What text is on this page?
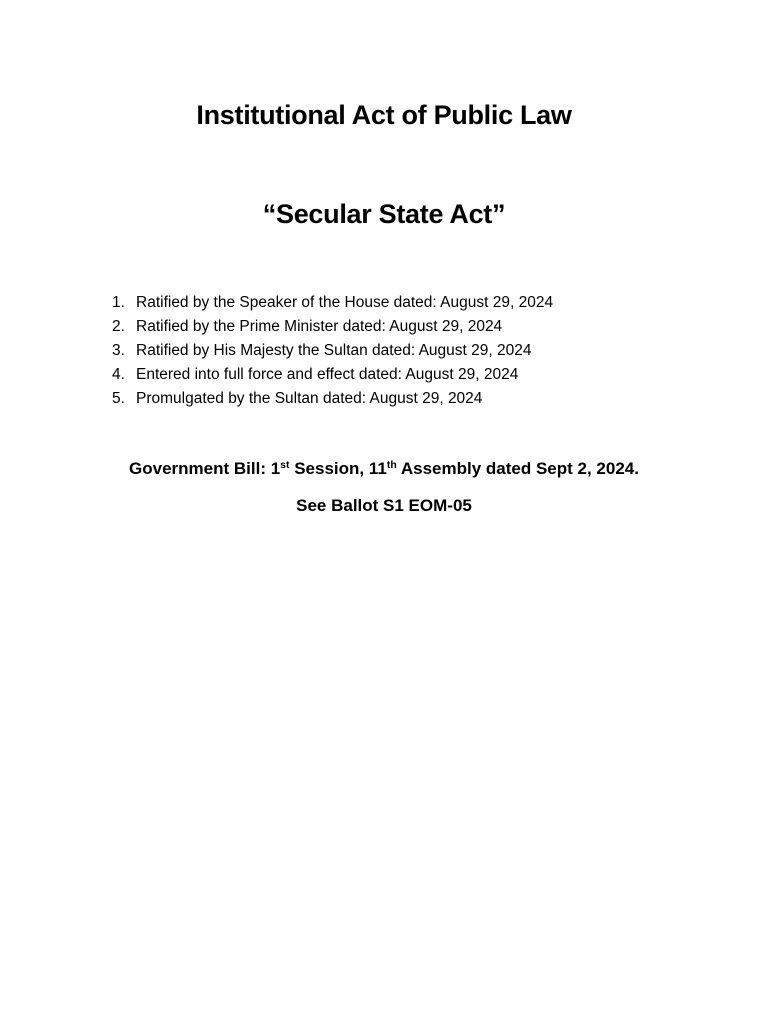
Institutional Act of Public Law
“Secular State Act”
1. Ratified by the Speaker of the House dated: August 29, 2024
2. Ratified by the Prime Minister dated: August 29, 2024
3. Ratified by His Majesty the Sultan dated: August 29, 2024
4. Entered into full force and effect dated: August 29, 2024
5. Promulgated by the Sultan dated: August 29, 2024

Government Bill: 1st Session, 11th Assembly dated Sept 2, 2024.

See Ballot S1 EOM-05
